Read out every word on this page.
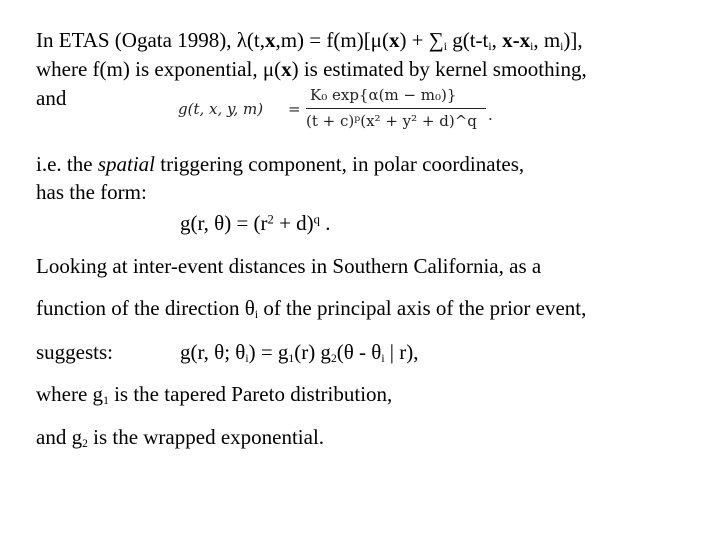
In ETAS (Ogata 1998), $\lambda(t,x,m) = f(m)[\mu(x) + \sum_i$ $g(t-t_i$, $x-x_i$, $m_i$)],
where f(m) is exponential, μ(x) is estimated by kernel smoothing,
and	g(t, x, y, m) =
K₀ exp{α(m − m₀)}
(t + c)ᵖ(x² + y² + d)^q .
i.e. the spatial triggering component, in polar coordinates,
has the form:
g(r, $\theta) = (r^2 + d)^q$ .
Looking at inter-event distances in Southern California, as a
function of the direction $\theta_i$ of the principal axis of the prior event,
suggests:	g(r, θ; $\theta_i) = g_1(r)$ $g_2(\theta - \theta_i$ | r),
where $g_1$ is the tapered Pareto distribution,
and $g_2$ is the wrapped exponential.
